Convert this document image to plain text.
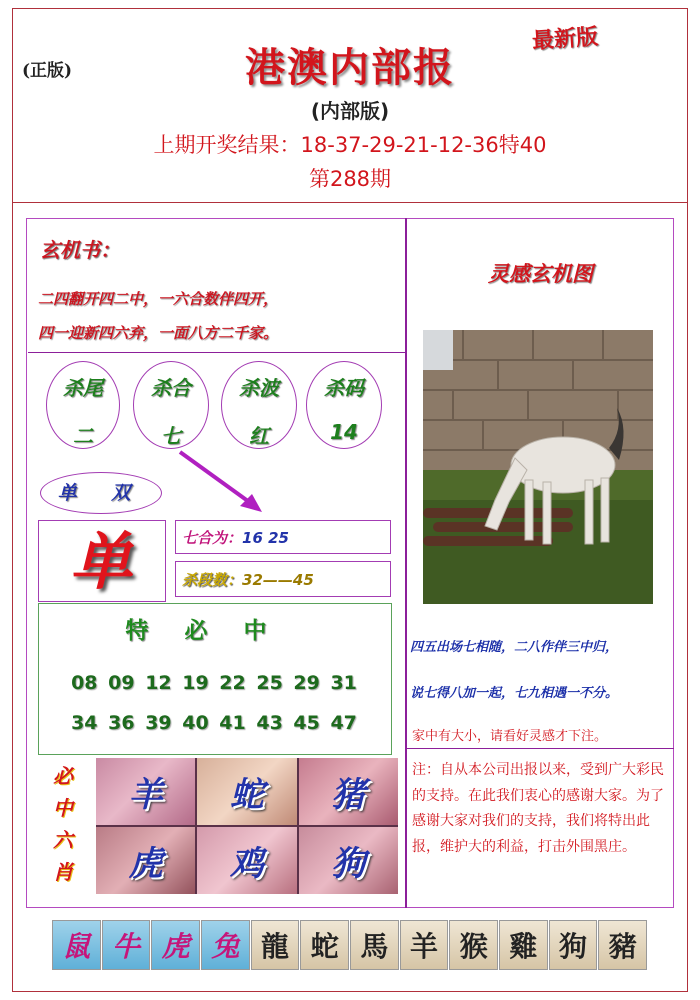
(正版)	港澳内部报
最新版
(内部版)
上期开奖结果：18-37-29-21-12-36特40
第288期
玄机书：
二四翻开四二中，一六合数伴四开，
四一迎新四六弃，一面八方二千家。
杀尾
二
杀合
七
杀波
红
杀码
14
单 双
单	七合为：16 25
杀段数：32——45
特必中
08 09 12 19 22 25 29 31
34 36 39 40 41 43 45 47
必
中
六
肖
羊	蛇	猪
虎	鸡	狗
灵感玄机图
四五出场七相随，二八作伴三中归，
说七得八加一起，七九相遇一不分。
家中有大小，请看好灵感才下注。
注：自从本公司出报以来，受到广大彩民的支持。在此我们衷心的感谢大家。为了感谢大家对我们的支持，我们将特出此报，维护大的利益，打击外围黑庄。
鼠 牛 虎 兔 龍 蛇 馬 羊 猴 雞 狗 豬
